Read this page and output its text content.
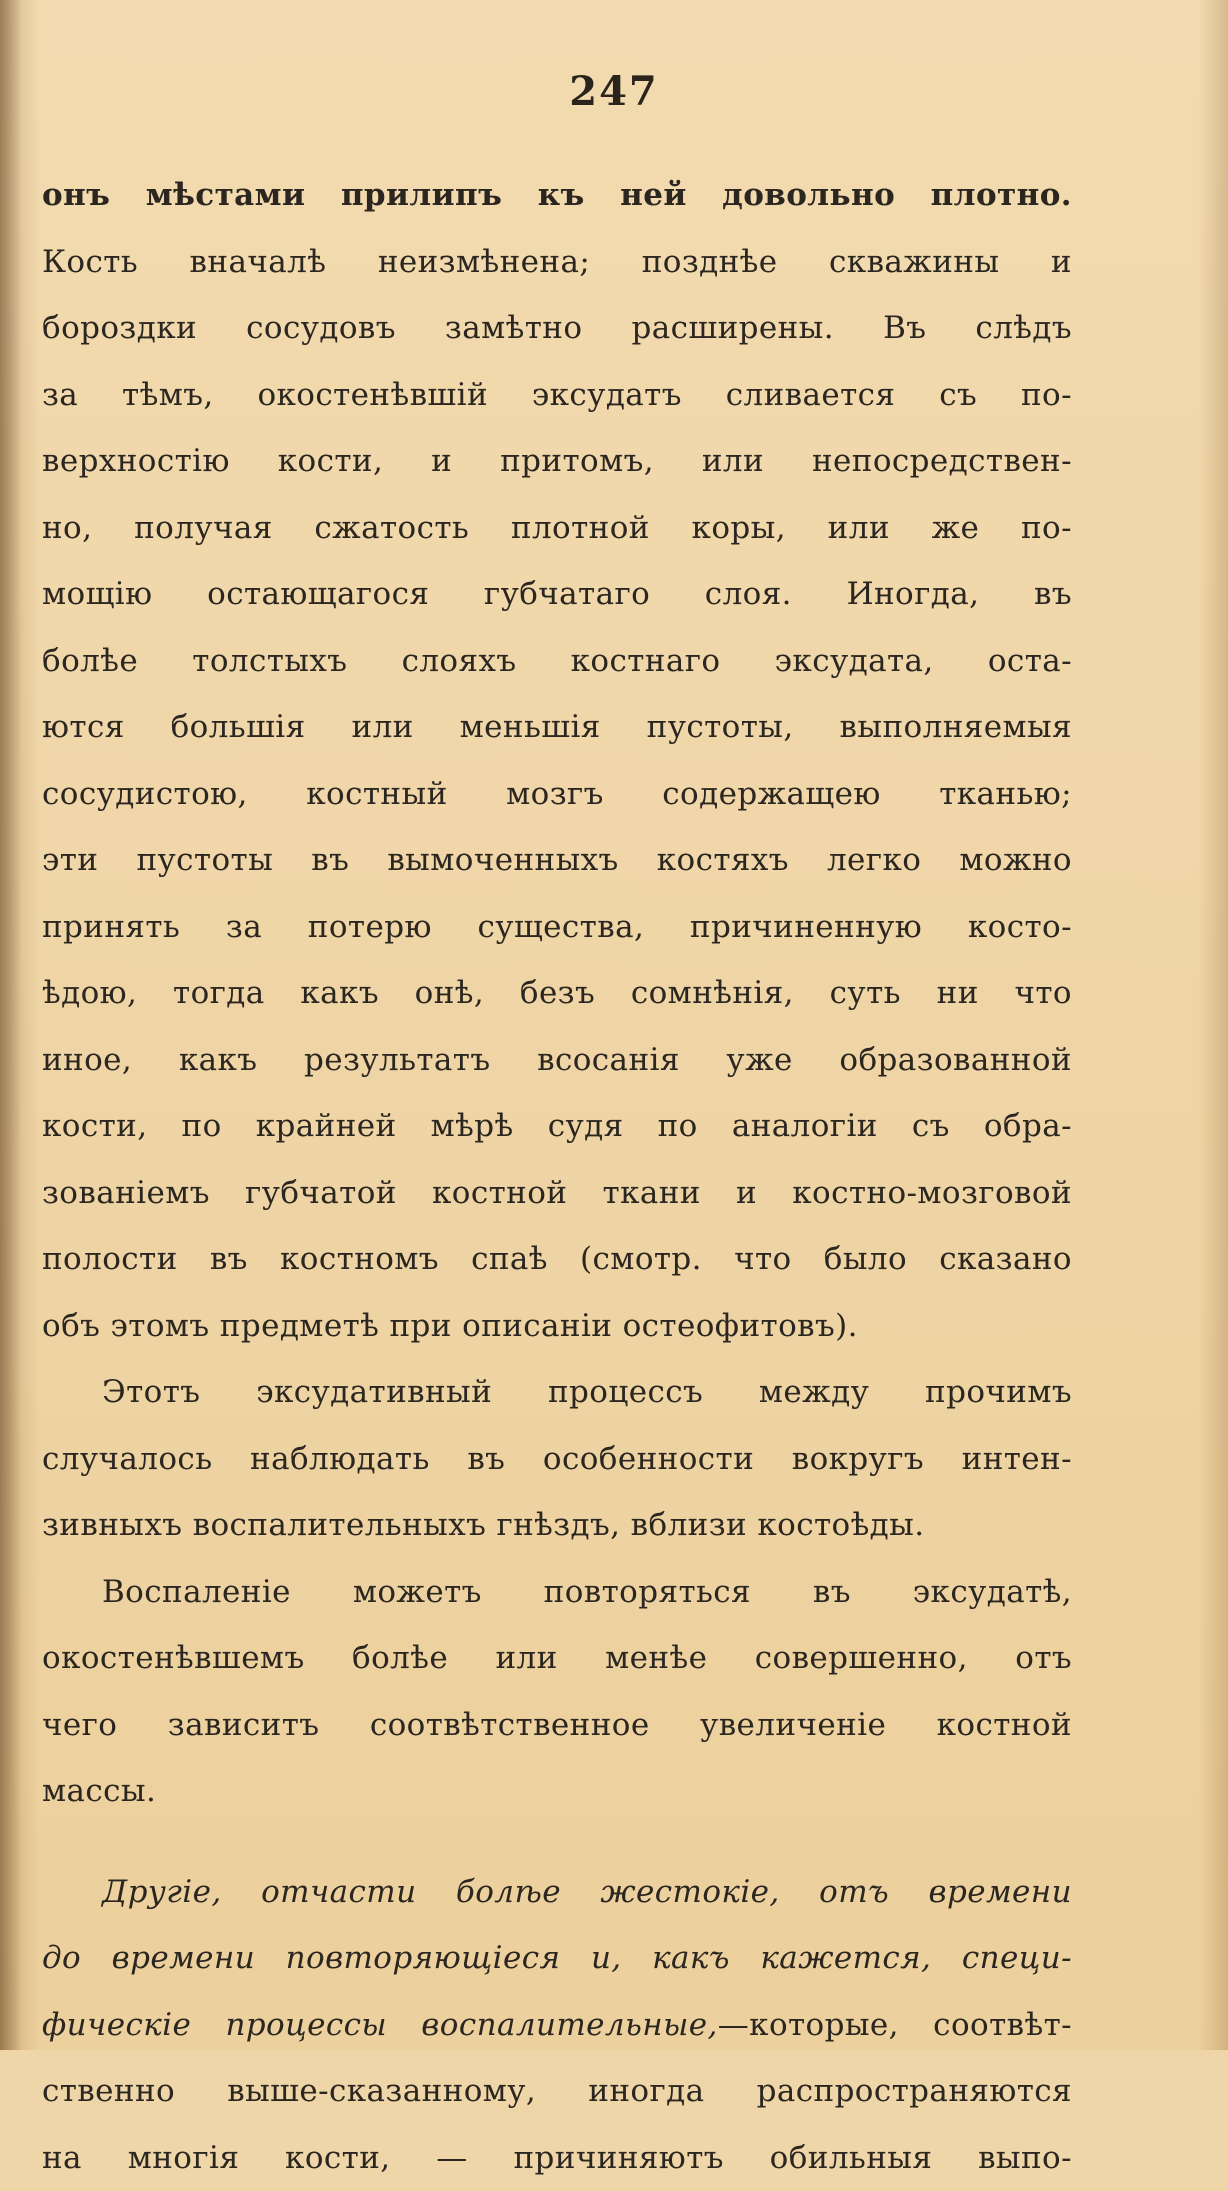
247
онъ мѣстами прилипъ къ ней довольно плотно.
Кость вначалѣ неизмѣнена; позднѣе скважины и
бороздки сосудовъ замѣтно расширены. Въ слѣдъ
за тѣмъ, окостенѣвшій эксудатъ сливается съ по-
верхностію кости, и притомъ, или непосредствен-
но, получая сжатость плотной коры, или же по-
мощію остающагося губчатаго слоя. Иногда, въ
болѣе толстыхъ слояхъ костнаго эксудата, оста-
ются большія или меньшія пустоты, выполняемыя
сосудистою, костный мозгъ содержащею тканью;
эти пустоты въ вымоченныхъ костяхъ легко можно
принять за потерю существа, причиненную косто-
ѣдою, тогда какъ онѣ, безъ сомнѣнія, суть ни что
иное, какъ результатъ всосанія уже образованной
кости, по крайней мѣрѣ судя по аналогіи съ обра-
зованіемъ губчатой костной ткани и костно-мозговой
полости въ костномъ спаѣ (смотр. что было сказано
объ этомъ предметѣ при описаніи остеофитовъ).
Этотъ эксудативный процессъ между прочимъ
случалось наблюдать въ особенности вокругъ интен-
зивныхъ воспалительныхъ гнѣздъ, вблизи костоѣды.
Воспаленіе можетъ повторяться въ эксудатѣ,
окостенѣвшемъ болѣе или менѣе совершенно, отъ
чего зависитъ соотвѣтственное увеличеніе костной
массы.
Другіе, отчасти болѣе жестокіе, отъ времени
до времени повторяющіеся и, какъ кажется, специ-
фическіе процессы воспалительные,—которые, соотвѣт-
ственно выше-сказанному, иногда распространяются
на многія кости, — причиняютъ обильныя выпо-
